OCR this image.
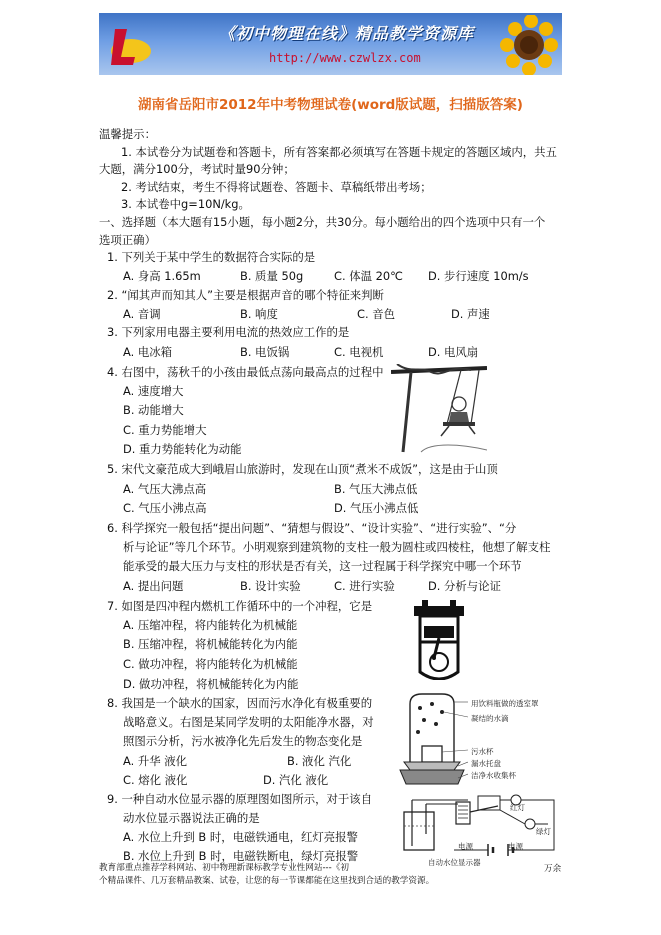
《初中物理在线》精品教学资源库
http://www.czwlzx.com
湖南省岳阳市2012年中考物理试卷(word版试题，扫描版答案)
温馨提示：
1. 本试卷分为试题卷和答题卡，所有答案都必须填写在答题卡规定的答题区域内，共五
大题，满分100分，考试时量90分钟；
2. 考试结束，考生不得将试题卷、答题卡、草稿纸带出考场；
3. 本试卷中g=10N/kg。
一、选择题（本大题有15小题，每小题2分，共30分。每小题给出的四个选项中只有一个
选项正确）
1. 下列关于某中学生的数据符合实际的是
A. 身高 1.65m	B. 质量 50g	C. 体温 20℃ D. 步行速度 10m/s
2. “闻其声而知其人”主要是根据声音的哪个特征来判断
A. 音调	B. 响度	C. 音色	D. 声速
3. 下列家用电器主要利用电流的热效应工作的是
A. 电冰箱	B. 电饭锅	C. 电视机	D. 电风扇
4. 右图中，荡秋千的小孩由最低点荡向最高点的过程中
A. 速度增大
B. 动能增大
C. 重力势能增大
D. 重力势能转化为动能
5. 宋代文豪范成大到峨眉山旅游时，发现在山顶“煮米不成饭”，这是由于山顶
A. 气压大沸点高	B. 气压大沸点低
C. 气压小沸点高	D. 气压小沸点低
6. 科学探究一般包括“提出问题”、“猜想与假设”、“设计实验”、“进行实验”、“分
析与论证”等几个环节。小明观察到建筑物的支柱一般为圆柱或四棱柱，他想了解支柱
能承受的最大压力与支柱的形状是否有关，这一过程属于科学探究中哪一个环节
A. 提出问题	B. 设计实验	C. 进行实验	D. 分析与论证
7. 如图是四冲程内燃机工作循环中的一个冲程，它是
A. 压缩冲程，将内能转化为机械能
B. 压缩冲程，将机械能转化为内能
C. 做功冲程，将内能转化为机械能
D. 做功冲程，将机械能转化为内能
8. 我国是一个缺水的国家，因而污水净化有极重要的
战略意义。右图是某同学发明的太阳能净水器，对
照图示分析，污水被净化先后发生的物态变化是
A. 升华 液化	B. 液化 汽化
C. 熔化 液化	D. 汽化 液化
用饮料瓶做的透室罩
凝结的水滴
污水杯
漏水托盘
洁净水收集杯
9. 一种自动水位显示器的原理图如图所示，对于该自
动水位显示器说法正确的是
A. 水位上升到 B 时，电磁铁通电，红灯亮报警
B. 水位上升到 B 时，电磁铁断电，绿灯亮报警
红灯
绿灯
电源	电源
自动水位显示器
教育部重点推荐学科网站、初中物理新课标教学专业性网站---《初
个精品课件、几万套精品教案、试卷，让您的每一节课都能在这里找到合适的教学资源。
万余
